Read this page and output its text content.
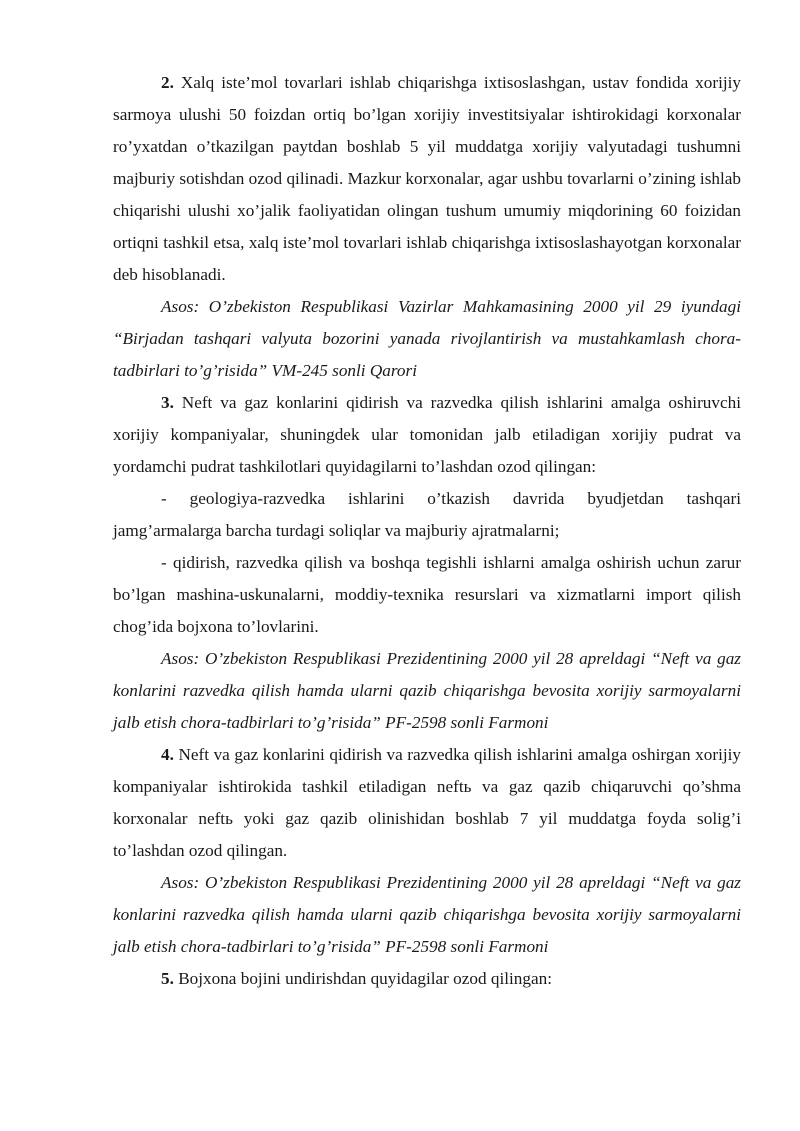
2. Xalq iste’mol tovarlari ishlab chiqarishga ixtisoslashgan, ustav fondida xorijiy sarmoya ulushi 50 foizdan ortiq bo’lgan xorijiy investitsiyalar ishtirokidagi korxonalar ro’yxatdan o’tkazilgan paytdan boshlab 5 yil muddatga xorijiy valyutadagi tushumni majburiy sotishdan ozod qilinadi. Mazkur korxonalar, agar ushbu tovarlarni o’zining ishlab chiqarishi ulushi xo’jalik faoliyatidan olingan tushum umumiy miqdorining 60 foizidan ortiqni tashkil etsa, xalq iste’mol tovarlari ishlab chiqarishga ixtisoslashayotgan korxonalar deb hisoblanadi.

Asos: O’zbekiston Respublikasi Vazirlar Mahkamasining 2000 yil 29 iyundagi “Birjadan tashqari valyuta bozorini yanada rivojlantirish va mustahkamlash chora-tadbirlari to’g’risida” VM-245 sonli Qarori

3. Neft va gaz konlarini qidirish va razvedka qilish ishlarini amalga oshiruvchi xorijiy kompaniyalar, shuningdek ular tomonidan jalb etiladigan xorijiy pudrat va yordamchi pudrat tashkilotlari quyidagilarni to’lashdan ozod qilingan:

- geologiya-razvedka ishlarini o’tkazish davrida byudjetdan tashqari jamg’armalarga barcha turdagi soliqlar va majburiy ajratmalarni;

- qidirish, razvedka qilish va boshqa tegishli ishlarni amalga oshirish uchun zarur bo’lgan mashina-uskunalarni, moddiy-texnika resurslari va xizmatlarni import qilish chog’ida bojxona to’lovlarini.

Asos: O’zbekiston Respublikasi Prezidentining 2000 yil 28 apreldagi “Neft va gaz konlarini razvedka qilish hamda ularni qazib chiqarishga bevosita xorijiy sarmoyalarni jalb etish chora-tadbirlari to’g’risida” PF-2598 sonli Farmoni

4. Neft va gaz konlarini qidirish va razvedka qilish ishlarini amalga oshirgan xorijiy kompaniyalar ishtirokida tashkil etiladigan neftь va gaz qazib chiqaruvchi qo’shma korxonalar neftь yoki gaz qazib olinishidan boshlab 7 yil muddatga foyda solig’i to’lashdan ozod qilingan.

Asos: O’zbekiston Respublikasi Prezidentining 2000 yil 28 apreldagi “Neft va gaz konlarini razvedka qilish hamda ularni qazib chiqarishga bevosita xorijiy sarmoyalarni jalb etish chora-tadbirlari to’g’risida” PF-2598 sonli Farmoni

5. Bojxona bojini undirishdan quyidagilar ozod qilingan:
